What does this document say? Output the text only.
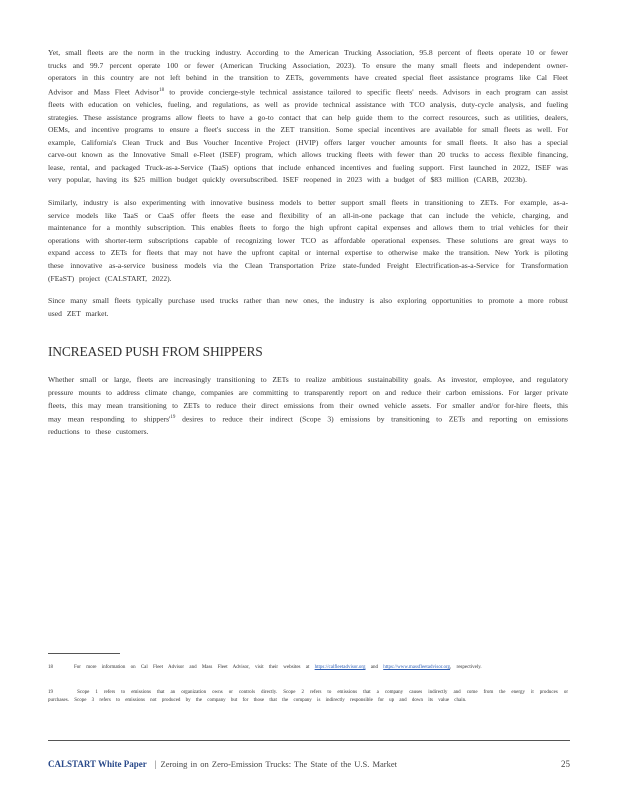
Yet, small fleets are the norm in the trucking industry. According to the American Trucking Association, 95.8 percent of fleets operate 10 or fewer trucks and 99.7 percent operate 100 or fewer (American Trucking Association, 2023). To ensure the many small fleets and independent owner-operators in this country are not left behind in the transition to ZETs, governments have created special fleet assistance programs like Cal Fleet Advisor and Mass Fleet Advisor$^{18}$ to provide concierge-style technical assistance tailored to specific fleets' needs. Advisors in each program can assist fleets with education on vehicles, fueling, and regulations, as well as provide technical assistance with TCO analysis, duty-cycle analysis, and fueling strategies. These assistance programs allow fleets to have a go-to contact that can help guide them to the correct resources, such as utilities, dealers, OEMs, and incentive programs to ensure a fleet's success in the ZET transition. Some special incentives are available for small fleets as well. For example, California's Clean Truck and Bus Voucher Incentive Project (HVIP) offers larger voucher amounts for small fleets. It also has a special carve-out known as the Innovative Small e-Fleet (ISEF) program, which allows trucking fleets with fewer than 20 trucks to access flexible financing, lease, rental, and packaged Truck-as-a-Service (TaaS) options that include enhanced incentives and fueling support. First launched in 2022, ISEF was very popular, having its $25 million budget quickly oversubscribed. ISEF reopened in 2023 with a budget of $83 million (CARB, 2023b).

Similarly, industry is also experimenting with innovative business models to better support small fleets in transitioning to ZETs. For example, as-a-service models like TaaS or CaaS offer fleets the ease and flexibility of an all-in-one package that can include the vehicle, charging, and maintenance for a monthly subscription. This enables fleets to forgo the high upfront capital expenses and allows them to trial vehicles for their operations with shorter-term subscriptions capable of recognizing lower TCO as affordable operational expenses. These solutions are great ways to expand access to ZETs for fleets that may not have the upfront capital or internal expertise to otherwise make the transition. New York is piloting these innovative as-a-service business models via the Clean Transportation Prize state-funded Freight Electrification-as-a-Service for Transformation (FEaST) project (CALSTART, 2022).

Since many small fleets typically purchase used trucks rather than new ones, the industry is also exploring opportunities to promote a more robust used ZET market.

INCREASED PUSH FROM SHIPPERS

Whether small or large, fleets are increasingly transitioning to ZETs to realize ambitious sustainability goals. As investor, employee, and regulatory pressure mounts to address climate change, companies are committing to transparently report on and reduce their carbon emissions. For larger private fleets, this may mean transitioning to ZETs to reduce their direct emissions from their owned vehicle assets. For smaller and/or for-hire fleets, this may mean responding to $shippers'^{19}$ desires to reduce their indirect (Scope 3) emissions by transitioning to ZETs and reporting on emissions reductions to these customers.

18	For more information on Cal Fleet Advisor and Mass Fleet Advisor, visit their websites at https://calfleetadvisor.org and https://www.massfleetadvisor.org, respectively.
19	Scope 1 refers to emissions that an organization owns or controls directly. Scope 2 refers to emissions that a company causes indirectly and come from the energy it produces or purchases. Scope 3 refers to emissions not produced by the company but for those that the company is indirectly responsible for up and down its value chain.
CALSTART White Paper | Zeroing in on Zero-Emission Trucks: The State of the U.S. Market	25
